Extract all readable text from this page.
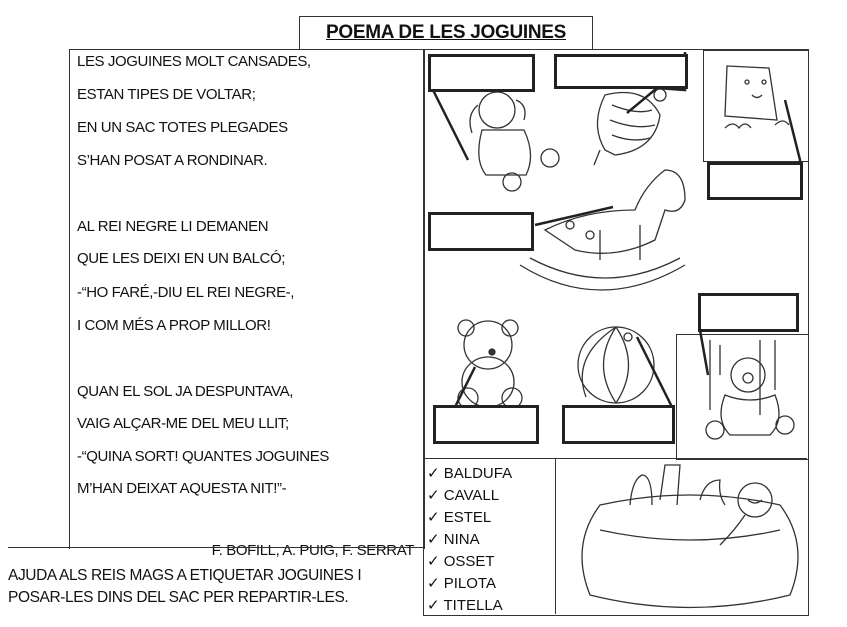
POEMA DE LES JOGUINES
LES JOGUINES MOLT CANSADES,
ESTAN TIPES DE VOLTAR;
EN UN SAC TOTES PLEGADES
S’HAN POSAT A RONDINAR.
AL REI NEGRE LI DEMANEN
QUE LES DEIXI EN UN BALCÓ;
-“HO FARÉ,-DIU EL REI NEGRE-,
I COM MÉS A PROP MILLOR!
QUAN EL SOL JA DESPUNTAVA,
VAIG ALÇAR-ME DEL MEU LLIT;
-“QUINA SORT! QUANTES JOGUINES
M’HAN DEIXAT AQUESTA NIT!”-
F. BOFILL, A. PUIG, F. SERRAT
AJUDA ALS REIS MAGS A ETIQUETAR JOGUINES I
POSAR-LES DINS DEL SAC PER REPARTIR-LES.
✓ BALDUFA
✓ CAVALL
✓ ESTEL
✓ NINA
✓ OSSET
✓ PILOTA
✓ TITELLA
